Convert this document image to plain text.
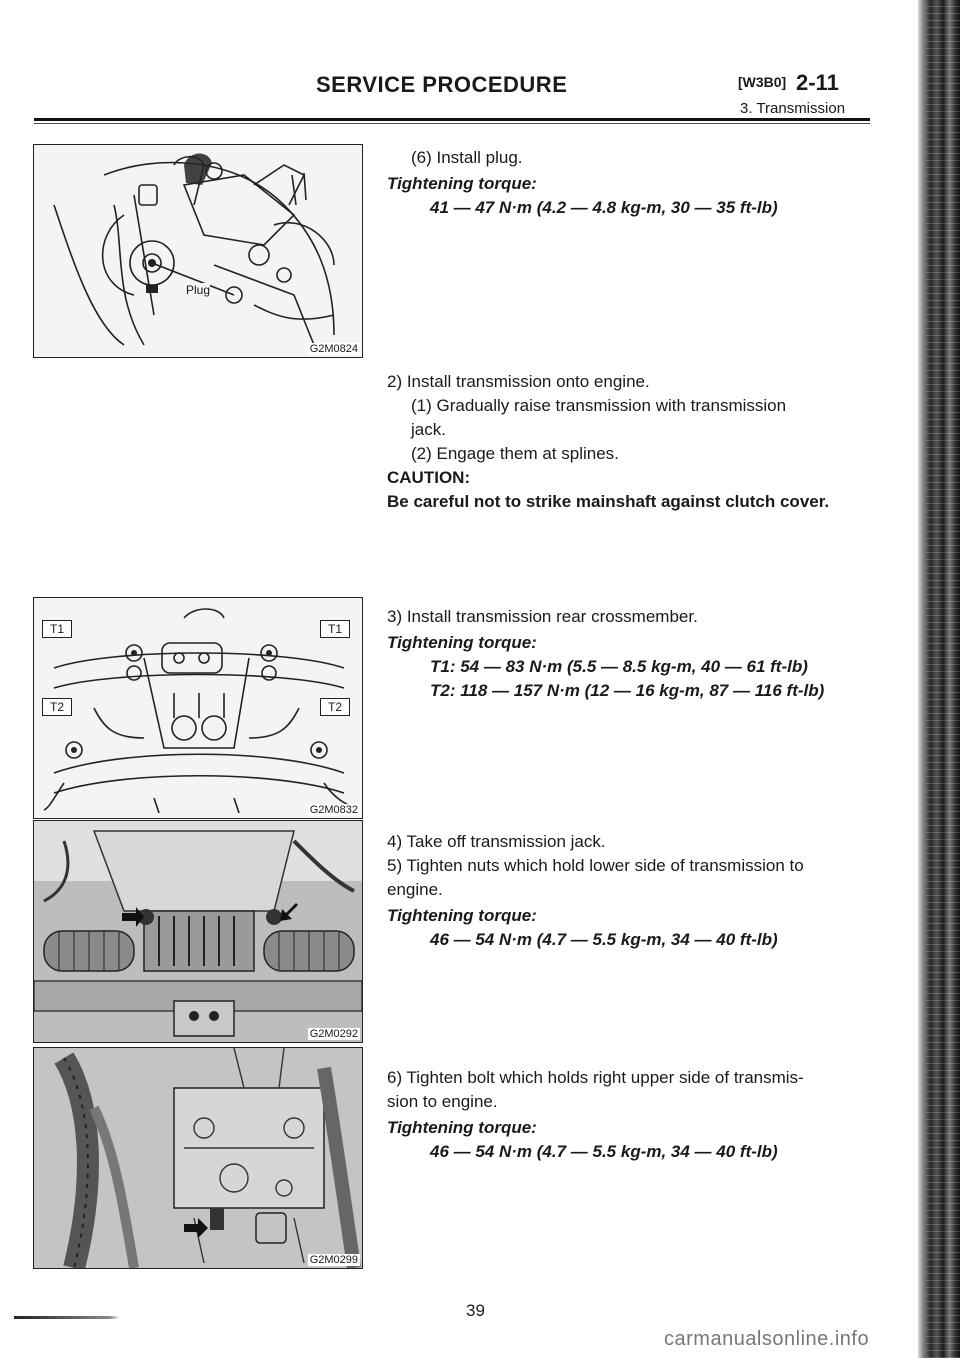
SERVICE PROCEDURE	[W3B0] 2-11
3. Transmission
Plug
G2M0824
(6) Install plug.
Tightening torque:
41 — 47 N·m (4.2 — 4.8 kg-m, 30 — 35 ft-lb)
2) Install transmission onto engine.
(1) Gradually raise transmission with transmission
jack.
(2) Engage them at splines.
CAUTION:
Be careful not to strike mainshaft against clutch cover.
T1	T1
T2	T2
G2M0832
3) Install transmission rear crossmember.
Tightening torque:
T1: 54 — 83 N·m (5.5 — 8.5 kg-m, 40 — 61 ft-lb)
T2: 118 — 157 N·m (12 — 16 kg-m, 87 — 116 ft-lb)
G2M0292
4) Take off transmission jack.
5) Tighten nuts which hold lower side of transmission to
engine.
Tightening torque:
46 — 54 N·m (4.7 — 5.5 kg-m, 34 — 40 ft-lb)
G2M0299
6) Tighten bolt which holds right upper side of transmis-
sion to engine.
Tightening torque:
46 — 54 N·m (4.7 — 5.5 kg-m, 34 — 40 ft-lb)
39
carmanualsonline.info
